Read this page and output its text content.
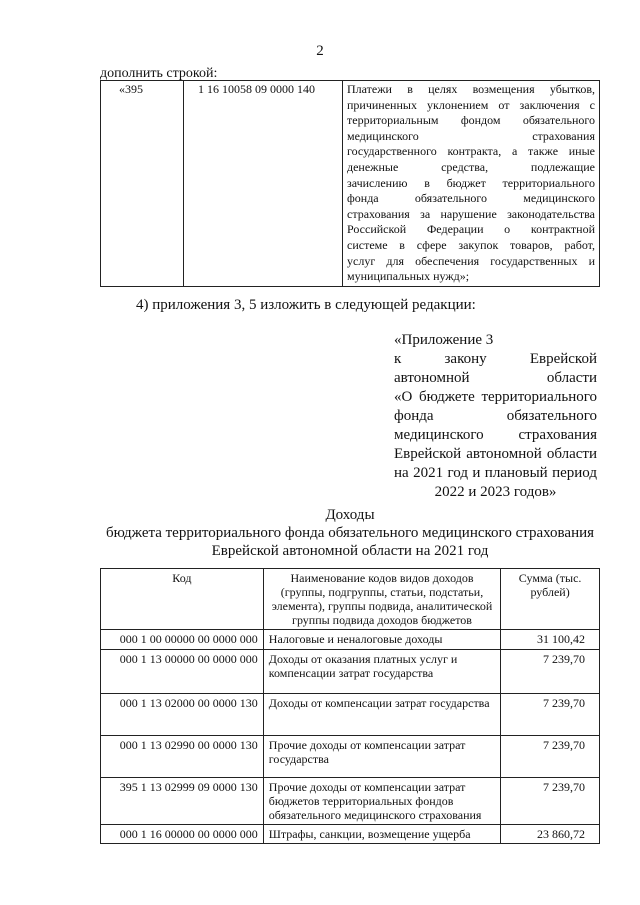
2
дополнить строкой:
«395	1 16 10058 09 0000 140	Платежи в целях возмещения убытков,
причиненных уклонением от заключения с
территориальным фондом обязательного
медицинского страхования
государственного контракта, а также иные
денежные средства, подлежащие
зачислению в бюджет территориального
фонда обязательного медицинского
страхования за нарушение законодательства
Российской Федерации о контрактной
системе в сфере закупок товаров, работ,
услуг для обеспечения государственных и
муниципальных нужд»;
4) приложения 3, 5 изложить в следующей редакции:
«Приложение 3
к закону Еврейской
автономной области
«О бюджете территориального
фонда обязательного
медицинского страхования
Еврейской автономной области
на 2021 год и плановый период
2022 и 2023 годов»
Доходы
бюджета территориального фонда обязательного медицинского страхования
Еврейской автономной области на 2021 год
Код	Наименование кодов видов доходов (группы, подгруппы, статьи, подстатьи, элемента), группы подвида, аналитической группы подвида доходов бюджетов	Сумма (тыс. рублей)
000 1 00 00000 00 0000 000	Налоговые и неналоговые доходы	31 100,42
000 1 13 00000 00 0000 000	Доходы от оказания платных услуг и компенсации затрат государства	7 239,70
000 1 13 02000 00 0000 130	Доходы от компенсации затрат государства	7 239,70
000 1 13 02990 00 0000 130	Прочие доходы от компенсации затрат государства	7 239,70
395 1 13 02999 09 0000 130	Прочие доходы от компенсации затрат бюджетов территориальных фондов обязательного медицинского страхования	7 239,70
000 1 16 00000 00 0000 000	Штрафы, санкции, возмещение ущерба	23 860,72
